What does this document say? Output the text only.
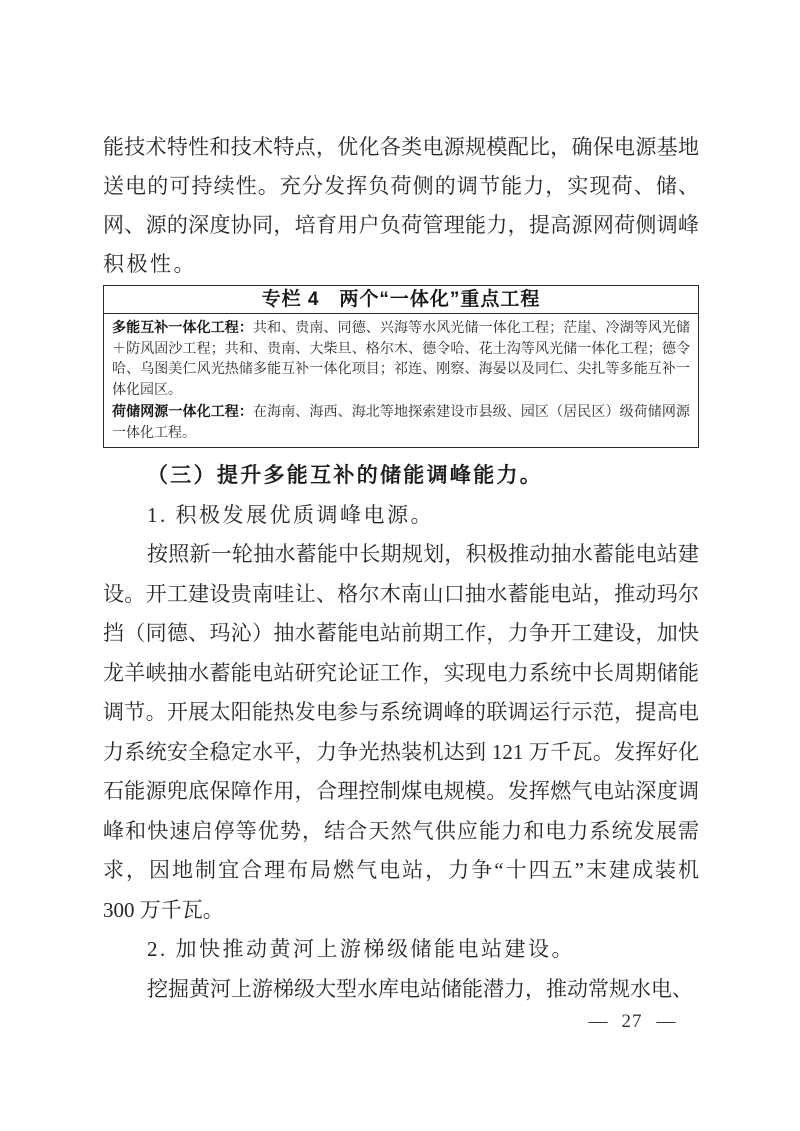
能技术特性和技术特点，优化各类电源规模配比，确保电源基地
送电的可持续性。充分发挥负荷侧的调节能力，实现荷、储、
网、源的深度协同，培育用户负荷管理能力，提高源网荷侧调峰
积极性。
专栏 4　两个“一体化”重点工程
多能互补一体化工程：共和、贵南、同德、兴海等水风光储一体化工程；茫崖、冷湖等风光储
＋防风固沙工程；共和、贵南、大柴旦、格尔木、德令哈、花土沟等风光储一体化工程；德令
哈、乌图美仁风光热储多能互补一体化项目；祁连、刚察、海晏以及同仁、尖扎等多能互补一
体化园区。
荷储网源一体化工程：在海南、海西、海北等地探索建设市县级、园区（居民区）级荷储网源
一体化工程。
（三）提升多能互补的储能调峰能力。
1. 积极发展优质调峰电源。
按照新一轮抽水蓄能中长期规划，积极推动抽水蓄能电站建
设。开工建设贵南哇让、格尔木南山口抽水蓄能电站，推动玛尔
挡（同德、玛沁）抽水蓄能电站前期工作，力争开工建设，加快
龙羊峡抽水蓄能电站研究论证工作，实现电力系统中长周期储能
调节。开展太阳能热发电参与系统调峰的联调运行示范，提高电
力系统安全稳定水平，力争光热装机达到 121 万千瓦。发挥好化
石能源兜底保障作用，合理控制煤电规模。发挥燃气电站深度调
峰和快速启停等优势，结合天然气供应能力和电力系统发展需
求，因地制宜合理布局燃气电站，力争“十四五”末建成装机
300 万千瓦。
2. 加快推动黄河上游梯级储能电站建设。
挖掘黄河上游梯级大型水库电站储能潜力，推动常规水电、
— 27 —
